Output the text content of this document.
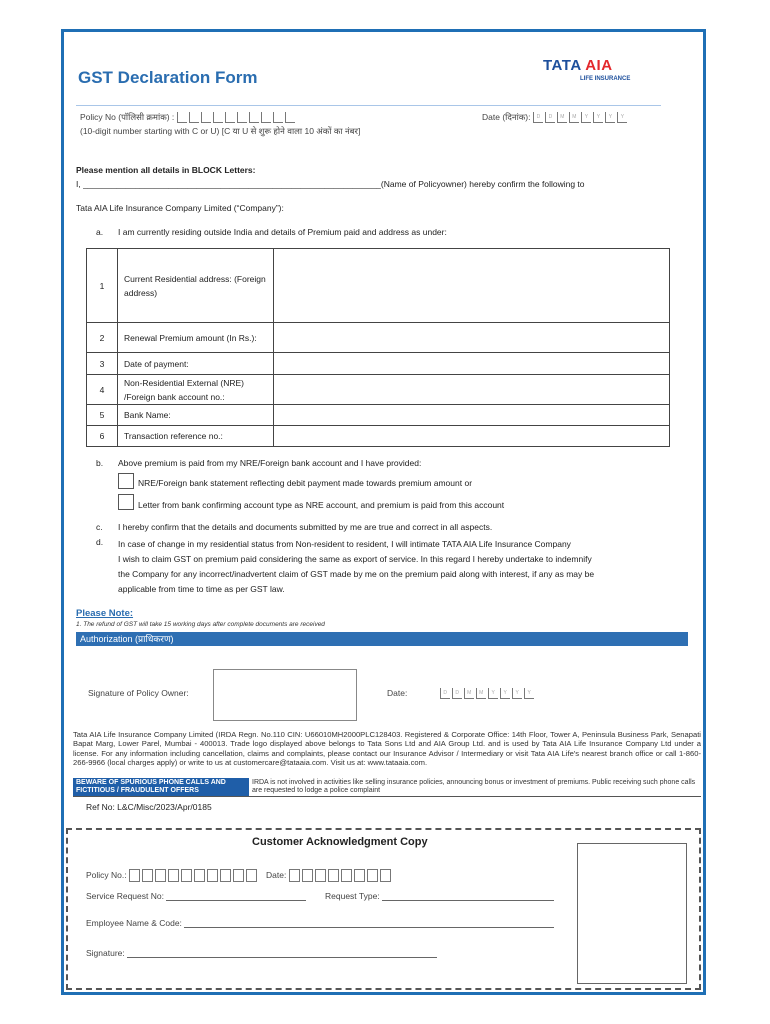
GST Declaration Form
TATA AIA
LIFE INSURANCE
Policy No (पॉलिसी क्रमांक) :
(10-digit number starting with C or U) [C या U से शुरू होने वाला 10 अंकों का नंबर]
Date (दिनांक):	D	D	M	M	Y	Y	Y	Y
Please mention all details in BLOCK Letters:
I, _______________________________________________________________(Name of Policyowner) hereby confirm the following to
Tata AIA Life Insurance Company Limited (“Company”):
a. I am currently residing outside India and details of Premium paid and address as under:
1	Current Residential address: (Foreign address)	
2	Renewal Premium amount (In Rs.):	
3	Date of payment:	
4	Non-Residential External (NRE) /Foreign bank account no.:	
5	Bank Name:	
6	Transaction reference no.:	
b. Above premium is paid from my NRE/Foreign bank account and I have provided:
NRE/Foreign bank statement reflecting debit payment made towards premium amount or
Letter from bank confirming account type as NRE account, and premium is paid from this account
c. I hereby confirm that the details and documents submitted by me are true and correct in all aspects.
d. In case of change in my residential status from Non-resident to resident, I will intimate TATA AIA Life Insurance Company
I wish to claim GST on premium paid considering the same as export of service. In this regard I hereby undertake to indemnify
the Company for any incorrect/inadvertent claim of GST made by me on the premium paid along with interest, if any as may be
applicable from time to time as per GST law.
Please Note:
1. The refund of GST will take 15 working days after complete documents are received
Authorization (प्राधिकरण)
Signature of Policy Owner:	Date:	D	D	M	M	Y	Y	Y	Y
Tata AIA Life Insurance Company Limited (IRDA Regn. No.110 CIN: U66010MH2000PLC128403. Registered & Corporate Office: 14th Floor, Tower A, Peninsula Business Park, Senapati Bapat Marg, Lower Parel, Mumbai - 400013. Trade logo displayed above belongs to Tata Sons Ltd and AIA Group Ltd. and is used by Tata AIA Life Insurance Company Ltd under a license. For any information including cancellation, claims and complaints, please contact our Insurance Advisor / Intermediary or visit Tata AIA Life's nearest branch office or call 1-860-266-9966 (local charges apply) or write to us at customercare@tataaia.com. Visit us at: www.tataaia.com.
BEWARE OF SPURIOUS PHONE CALLS AND FICTITIOUS / FRAUDULENT OFFERS
IRDA is not involved in activities like selling insurance policies, announcing bonus or investment of premiums. Public receiving such phone calls are requested to lodge a police complaint
Ref No: L&C/Misc/2023/Apr/0185
Customer Acknowledgment Copy
Policy No.:	Date:
Service Request No:	Request Type:
Employee Name & Code:
Signature:
